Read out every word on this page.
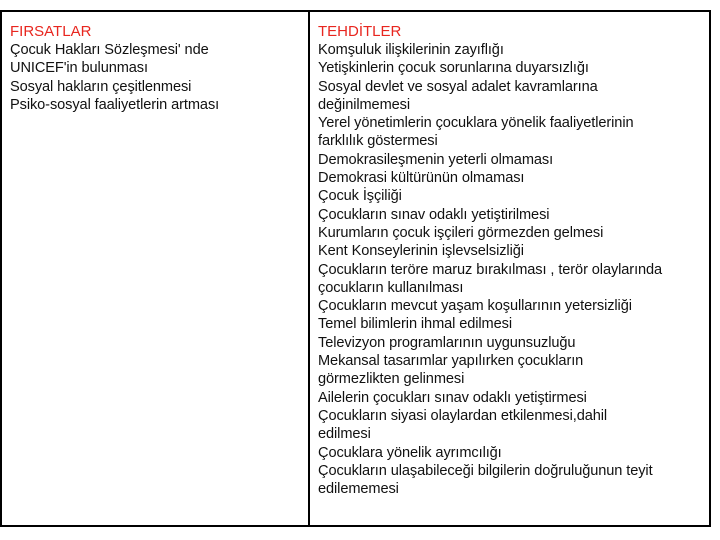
FIRSATLAR
Çocuk Hakları Sözleşmesi' nde
UNICEF'in bulunması
Sosyal hakların çeşitlenmesi
Psiko-sosyal faaliyetlerin artması
TEHDİTLER
Komşuluk ilişkilerinin zayıflığı
Yetişkinlerin çocuk sorunlarına duyarsızlığı
Sosyal devlet ve sosyal adalet kavramlarına
değinilmemesi
Yerel yönetimlerin çocuklara yönelik faaliyetlerinin
farklılık göstermesi
Demokrasileşmenin yeterli olmaması
Demokrasi kültürünün olmaması
Çocuk İşçiliği
Çocukların sınav odaklı yetiştirilmesi
Kurumların çocuk işçileri görmezden gelmesi
Kent Konseylerinin işlevselsizliği
Çocukların teröre maruz bırakılması , terör olaylarında
çocukların kullanılması
Çocukların mevcut yaşam koşullarının yetersizliği
Temel bilimlerin ihmal edilmesi
Televizyon programlarının uygunsuzluğu
Mekansal tasarımlar yapılırken çocukların
görmezlikten gelinmesi
Ailelerin çocukları sınav odaklı yetiştirmesi
Çocukların siyasi olaylardan etkilenmesi,dahil
edilmesi
Çocuklara yönelik ayrımcılığı
Çocukların ulaşabileceği bilgilerin doğruluğunun teyit
edilememesi
